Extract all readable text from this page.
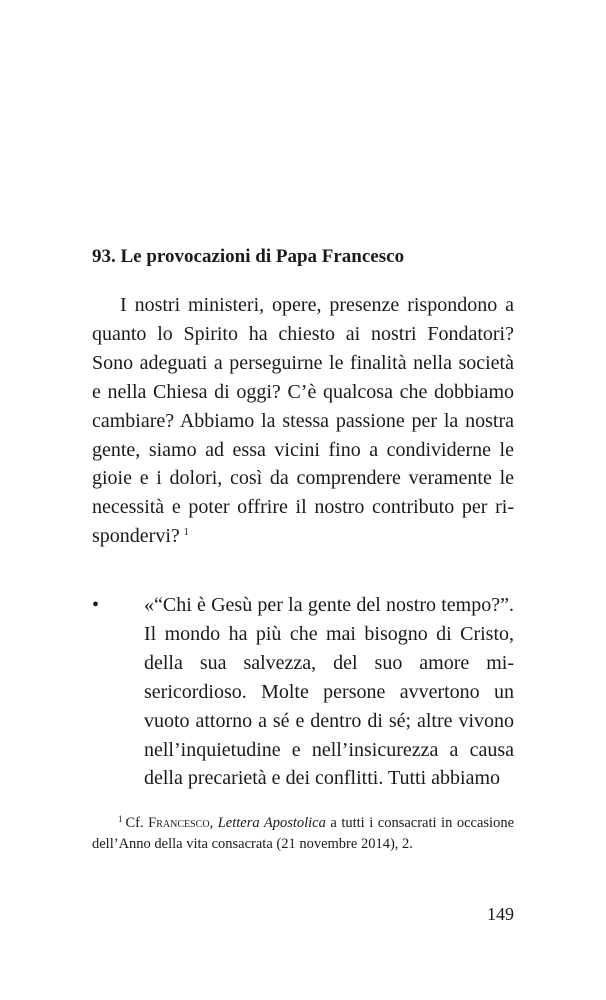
93. Le provocazioni di Papa Francesco

I nostri ministeri, opere, presenze rispondono a quanto lo Spirito ha chiesto ai nostri Fondatori? Sono adeguati a perseguirne le finalità nella società e nella Chiesa di oggi? C’è qualcosa che dobbiamo cambiare? Abbiamo la stessa passione per la nostra gente, siamo ad essa vicini fino a condividerne le gioie e i dolori, così da comprendere veramente le necessità e poter offrire il nostro contributo per rispondervi? $^1$

•	«“Chi è Gesù per la gente del nostro tempo?”. Il mondo ha più che mai bisogno di Cristo, della sua salvezza, del suo amore misericordioso. Molte persone avvertono un vuoto attorno a sé e dentro di sé; altre vivono nell’inquietudine e nell’insicurezza a causa della precarietà e dei conflitti. Tutti abbiamo

$^1$ Cf. Francesco, Lettera Apostolica a tutti i consacrati in occasione dell’Anno della vita consacrata (21 novembre 2014), 2.

149
